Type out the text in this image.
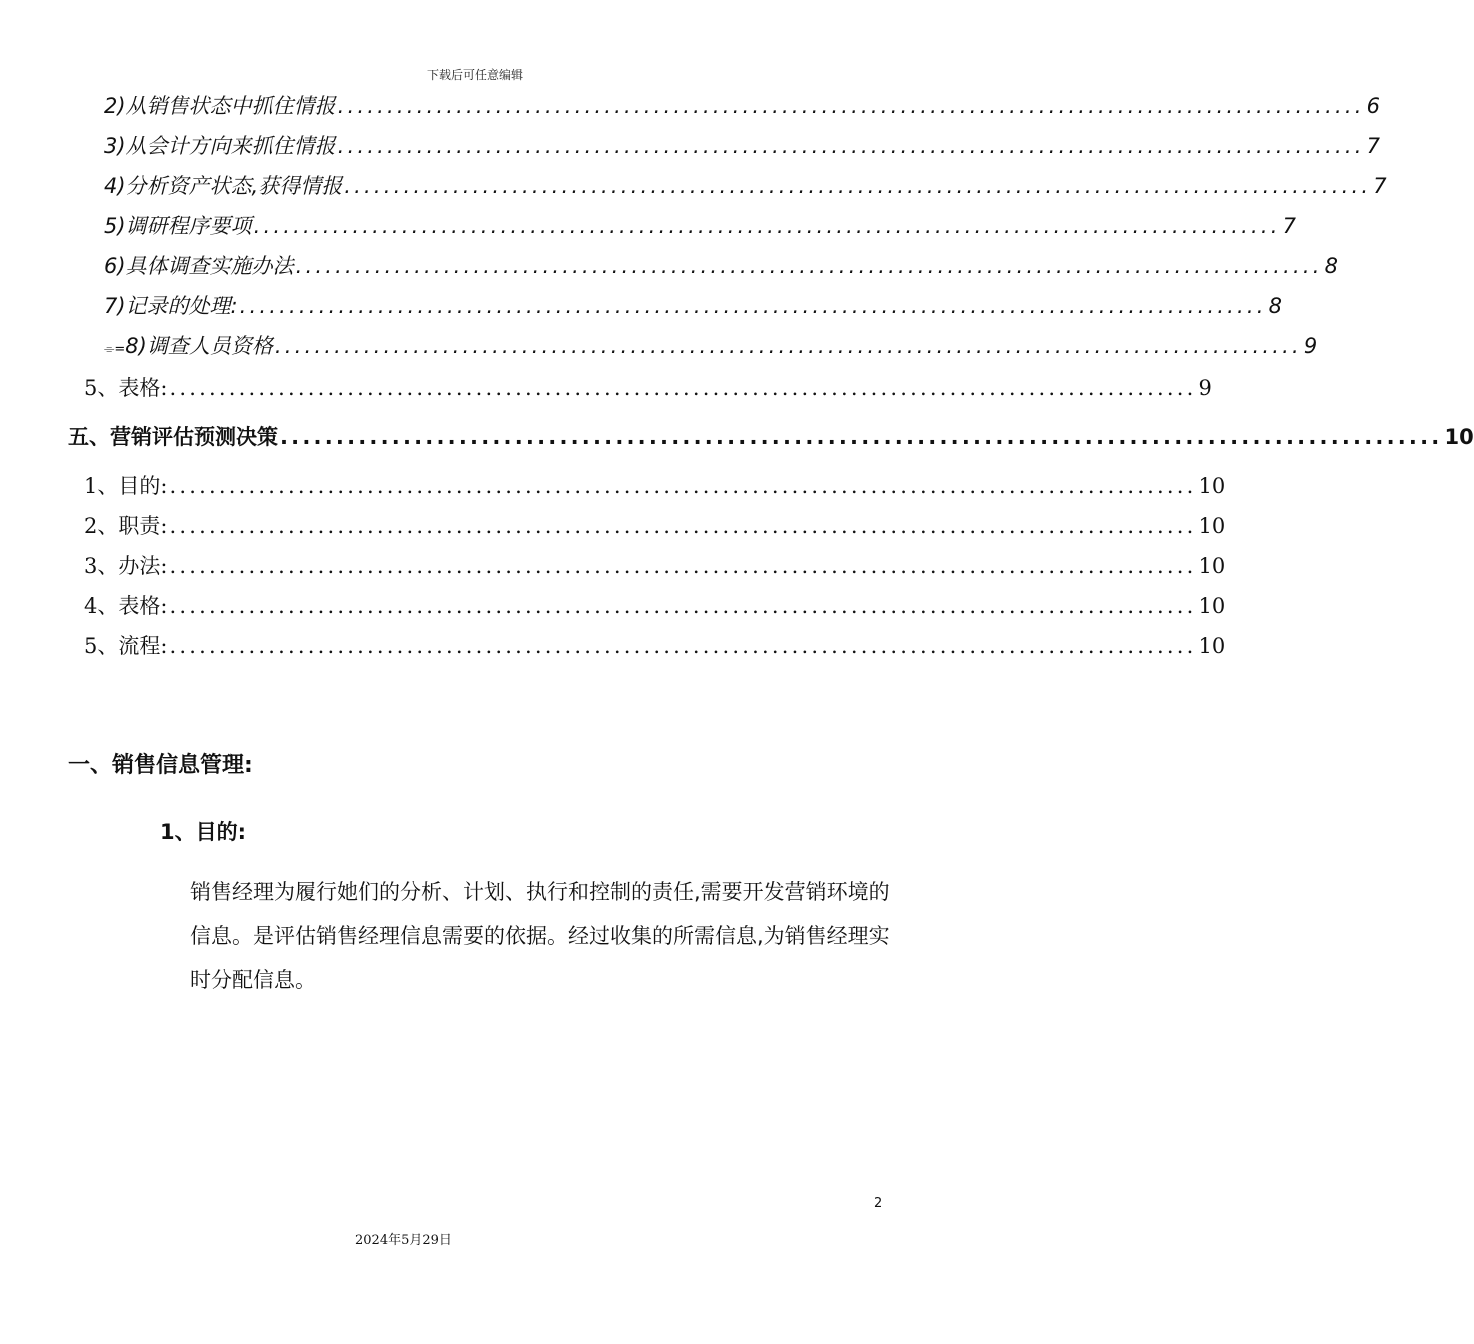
下载后可任意编辑
2)从销售状态中抓住情报 ........................................................................................................ 6
3)从会计方向来抓住情报 ........................................................................................................ 7
4)分析资产状态,获得情报 ........................................................................................................ 7
5)调研程序要项 ........................................................................................................ 7
6)具体调查实施办法 ........................................................................................................ 8
7)记录的处理: ........................................................................................................ 8
⌯= 8)调查人员资格 ........................................................................................................ 9
5、表格: ........................................................................................................ 9
五、营销评估预测决策 ........................................................................................................ 10
1、目的: ........................................................................................................ 10
2、职责: ........................................................................................................ 10
3、办法: ........................................................................................................ 10
4、表格: ........................................................................................................ 10
5、流程: ........................................................................................................ 10
一、销售信息管理:
1、目的:
销售经理为履行她们的分析、计划、执行和控制的责任,需要开发营销环境的信息。是评估销售经理信息需要的依据。经过收集的所需信息,为销售经理实时分配信息。
2
2024年5月29日
